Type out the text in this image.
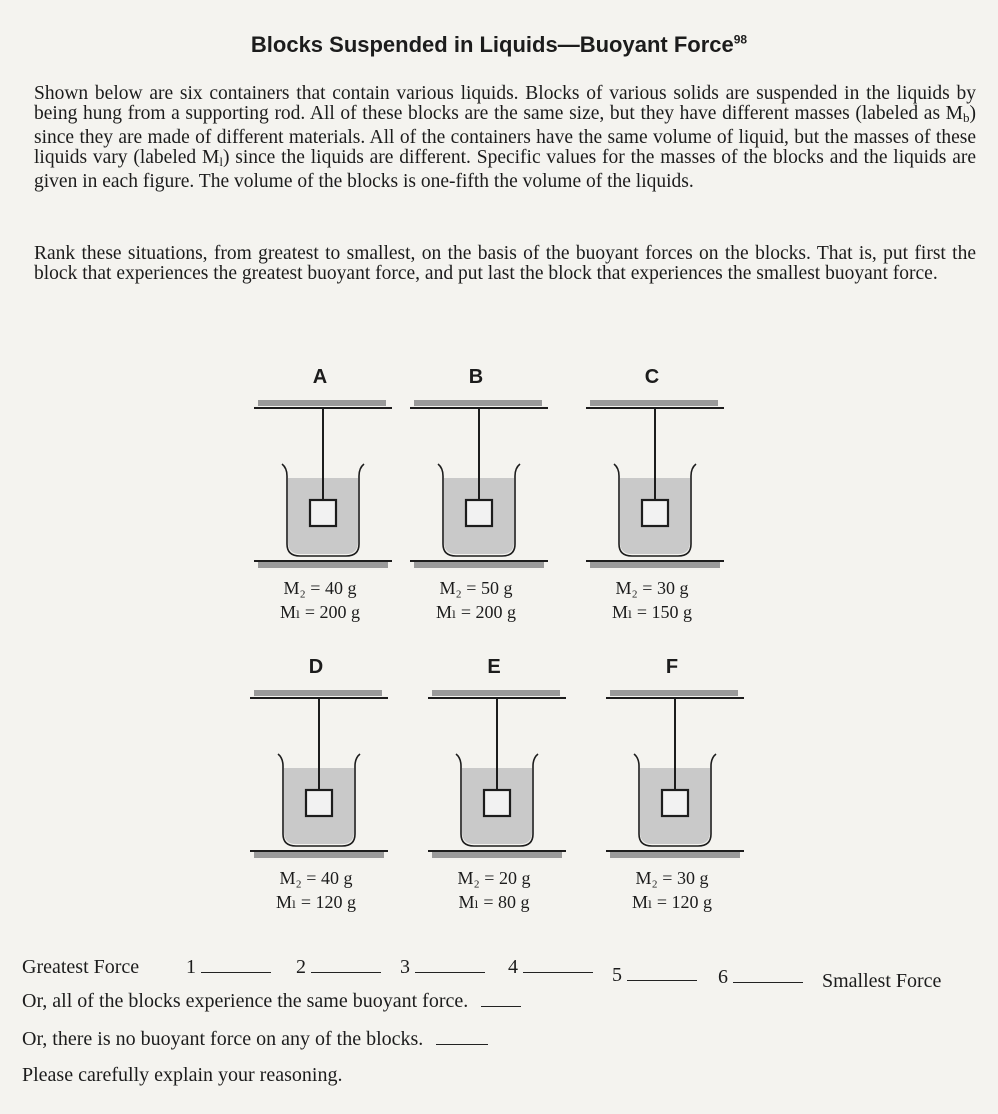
Blocks Suspended in Liquids—Buoyant Force$^{98}$
Shown below are six containers that contain various liquids. Blocks of various solids are suspended in the liquids by being hung from a supporting rod. All of these blocks are the same size, but they have different masses (labeled as $M_b$) since they are made of different materials. All of the containers have the same volume of liquid, but the masses of these liquids vary (labeled $M_l$) since the liquids are different. Specific values for the masses of the blocks and the liquids are given in each figure. The volume of the blocks is one-fifth the volume of the liquids.
Rank these situations, from greatest to smallest, on the basis of the buoyant forces on the blocks. That is, put first the block that experiences the greatest buoyant force, and put last the block that experiences the smallest buoyant force.
A
M₂ = 40 g
Mₗ = 200 g
B
M₂ = 50 g
Mₗ = 200 g
C
M₂ = 30 g
Mₗ = 150 g
D
M₂ = 40 g
Mₗ = 120 g
E
M₂ = 20 g
Mₗ = 80 g
F
M₂ = 30 g
Mₗ = 120 g
Greatest Force 1	2	3	4	5	6	Smallest Force
Or, all of the blocks experience the same buoyant force.
Or, there is no buoyant force on any of the blocks.
Please carefully explain your reasoning.
